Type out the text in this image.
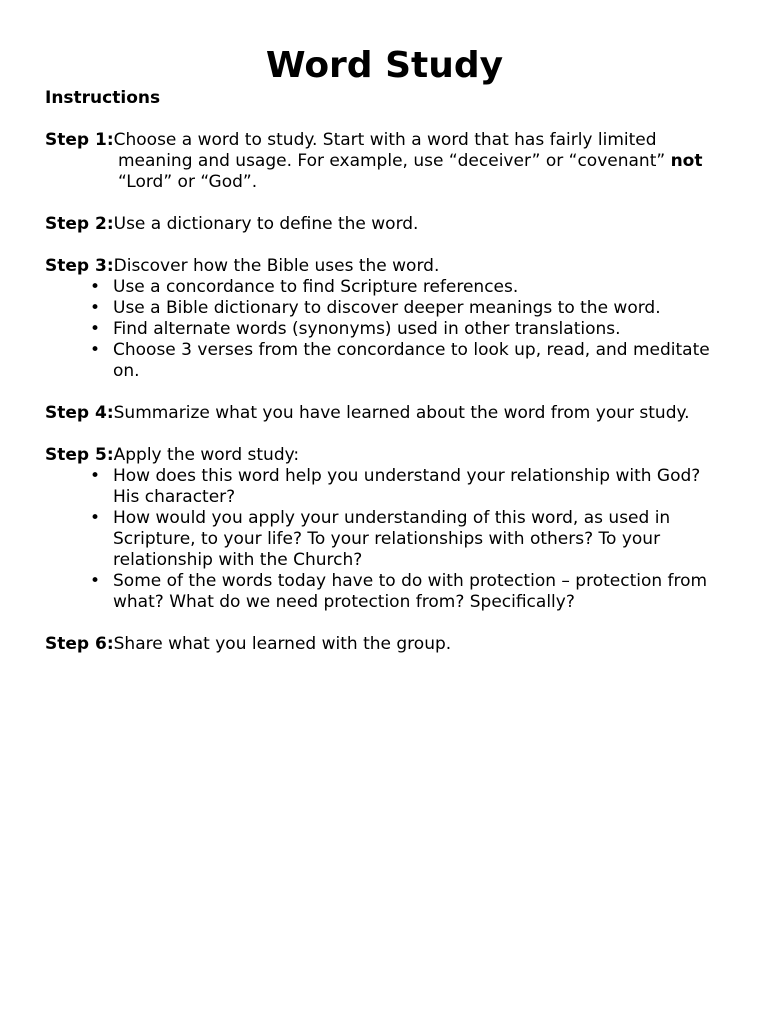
Word Study
Instructions
Step 1: Choose a word to study. Start with a word that has fairly limited
meaning and usage. For example, use “deceiver” or “covenant” not
“Lord” or “God”.
Step 2: Use a dictionary to define the word.
Step 3: Discover how the Bible uses the word.
• Use a concordance to find Scripture references.
• Use a Bible dictionary to discover deeper meanings to the word.
• Find alternate words (synonyms) used in other translations.
• Choose 3 verses from the concordance to look up, read, and meditate on.
Step 4: Summarize what you have learned about the word from your study.
Step 5: Apply the word study:
• How does this word help you understand your relationship with God? His character?
• How would you apply your understanding of this word, as used in Scripture, to your life? To your relationships with others? To your relationship with the Church?
• Some of the words today have to do with protection – protection from what? What do we need protection from? Specifically?
Step 6: Share what you learned with the group.
